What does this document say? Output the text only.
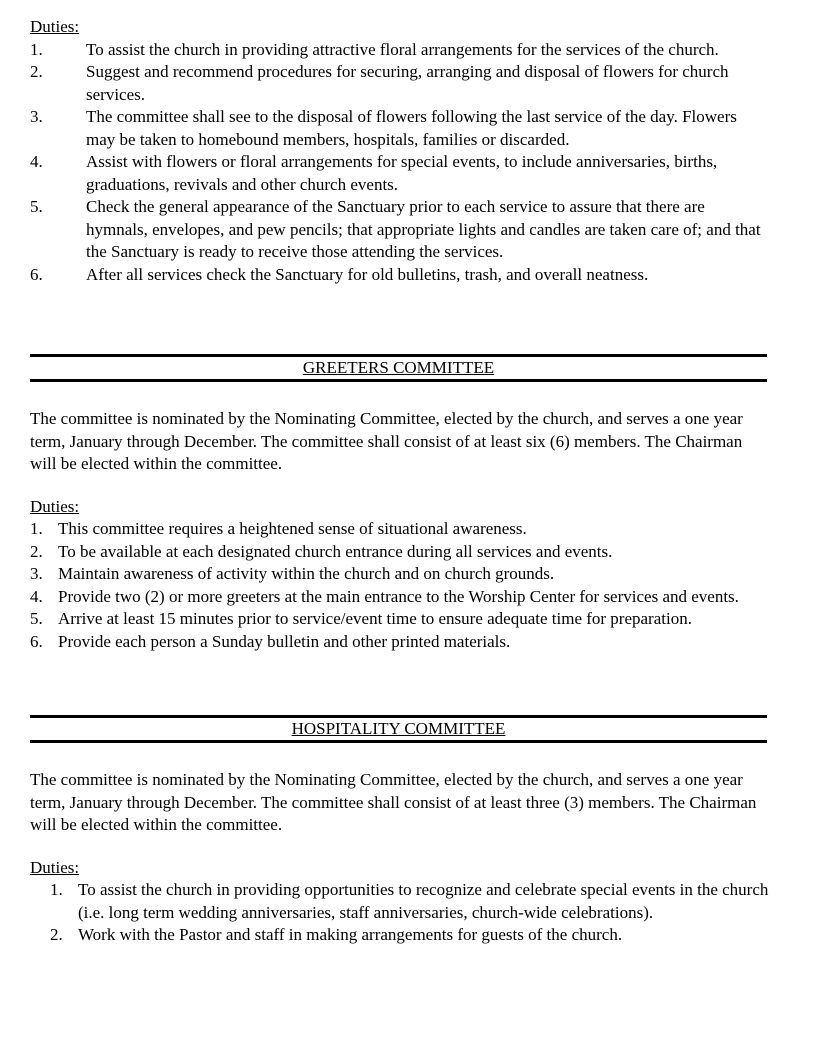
Duties:
1.	To assist the church in providing attractive floral arrangements for the services of the church.
2.	Suggest and recommend procedures for securing, arranging and disposal of flowers for church services.
3.	The committee shall see to the disposal of flowers following the last service of the day. Flowers may be taken to homebound members, hospitals, families or discarded.
4.	Assist with flowers or floral arrangements for special events, to include anniversaries, births, graduations, revivals and other church events.
5.	Check the general appearance of the Sanctuary prior to each service to assure that there are hymnals, envelopes, and pew pencils; that appropriate lights and candles are taken care of; and that the Sanctuary is ready to receive those attending the services.
6.	After all services check the Sanctuary for old bulletins, trash, and overall neatness.
GREETERS COMMITTEE

The committee is nominated by the Nominating Committee, elected by the church, and serves a one year term, January through December. The committee shall consist of at least six (6) members. The Chairman will be elected within the committee.

Duties:
1. This committee requires a heightened sense of situational awareness.
2. To be available at each designated church entrance during all services and events.
3. Maintain awareness of activity within the church and on church grounds.
4. Provide two (2) or more greeters at the main entrance to the Worship Center for services and events.
5. Arrive at least 15 minutes prior to service/event time to ensure adequate time for preparation.
6. Provide each person a Sunday bulletin and other printed materials.
HOSPITALITY COMMITTEE

The committee is nominated by the Nominating Committee, elected by the church, and serves a one year term, January through December. The committee shall consist of at least three (3) members. The Chairman will be elected within the committee.

Duties:
1. To assist the church in providing opportunities to recognize and celebrate special events in the church (i.e. long term wedding anniversaries, staff anniversaries, church-wide celebrations).
2. Work with the Pastor and staff in making arrangements for guests of the church.
